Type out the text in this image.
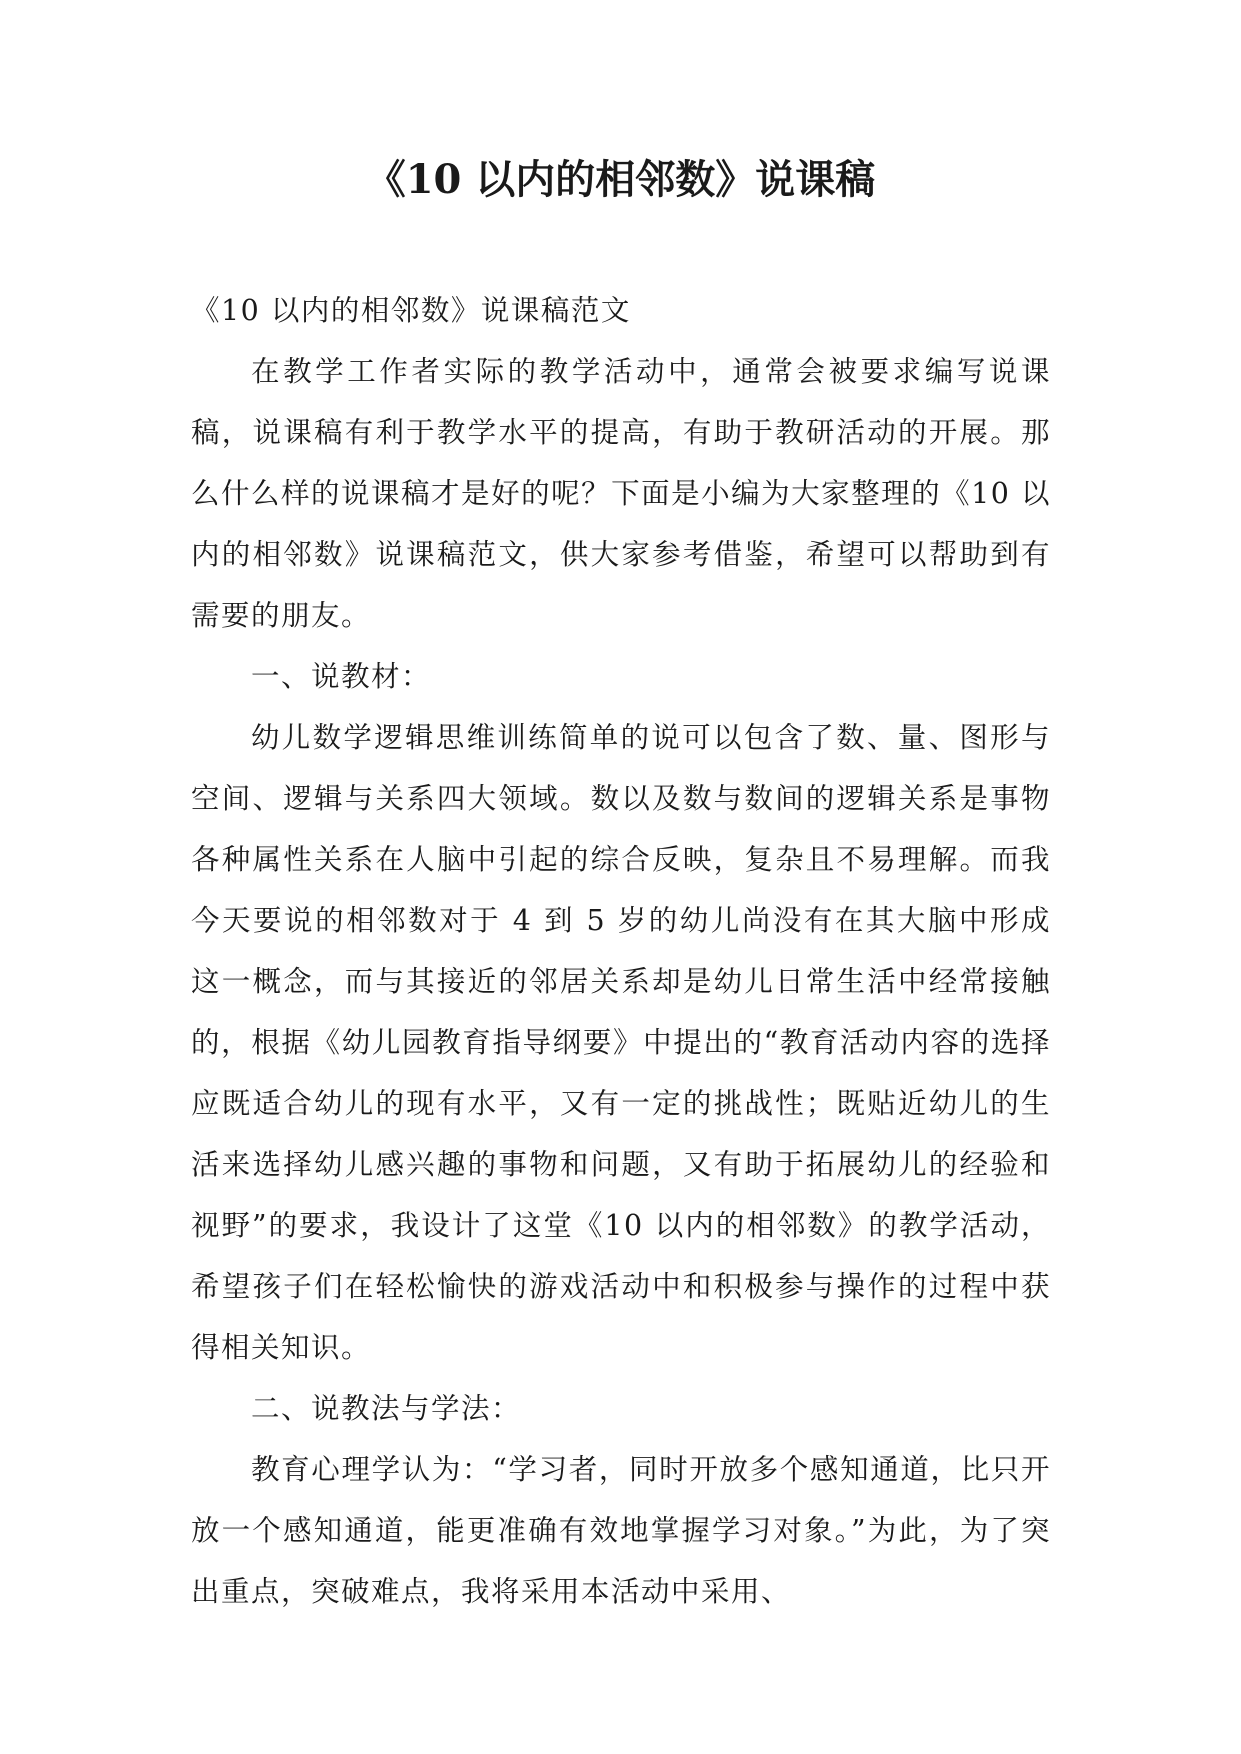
《10 以内的相邻数》说课稿

《10 以内的相邻数》说课稿范文

在教学工作者实际的教学活动中，通常会被要求编写说课稿，说课稿有利于教学水平的提高，有助于教研活动的开展。那么什么样的说课稿才是好的呢？下面是小编为大家整理的《10 以内的相邻数》说课稿范文，供大家参考借鉴，希望可以帮助到有需要的朋友。

一、说教材：

幼儿数学逻辑思维训练简单的说可以包含了数、量、图形与空间、逻辑与关系四大领域。数以及数与数间的逻辑关系是事物各种属性关系在人脑中引起的综合反映，复杂且不易理解。而我今天要说的相邻数对于 4 到 5 岁的幼儿尚没有在其大脑中形成这一概念，而与其接近的邻居关系却是幼儿日常生活中经常接触的，根据《幼儿园教育指导纲要》中提出的“教育活动内容的选择应既适合幼儿的现有水平，又有一定的挑战性；既贴近幼儿的生活来选择幼儿感兴趣的事物和问题，又有助于拓展幼儿的经验和视野”的要求，我设计了这堂《10 以内的相邻数》的教学活动，希望孩子们在轻松愉快的游戏活动中和积极参与操作的过程中获得相关知识。

二、说教法与学法：

教育心理学认为：“学习者，同时开放多个感知通道，比只开放一个感知通道，能更准确有效地掌握学习对象。”为此，为了突出重点，突破难点，我将采用本活动中采用、
